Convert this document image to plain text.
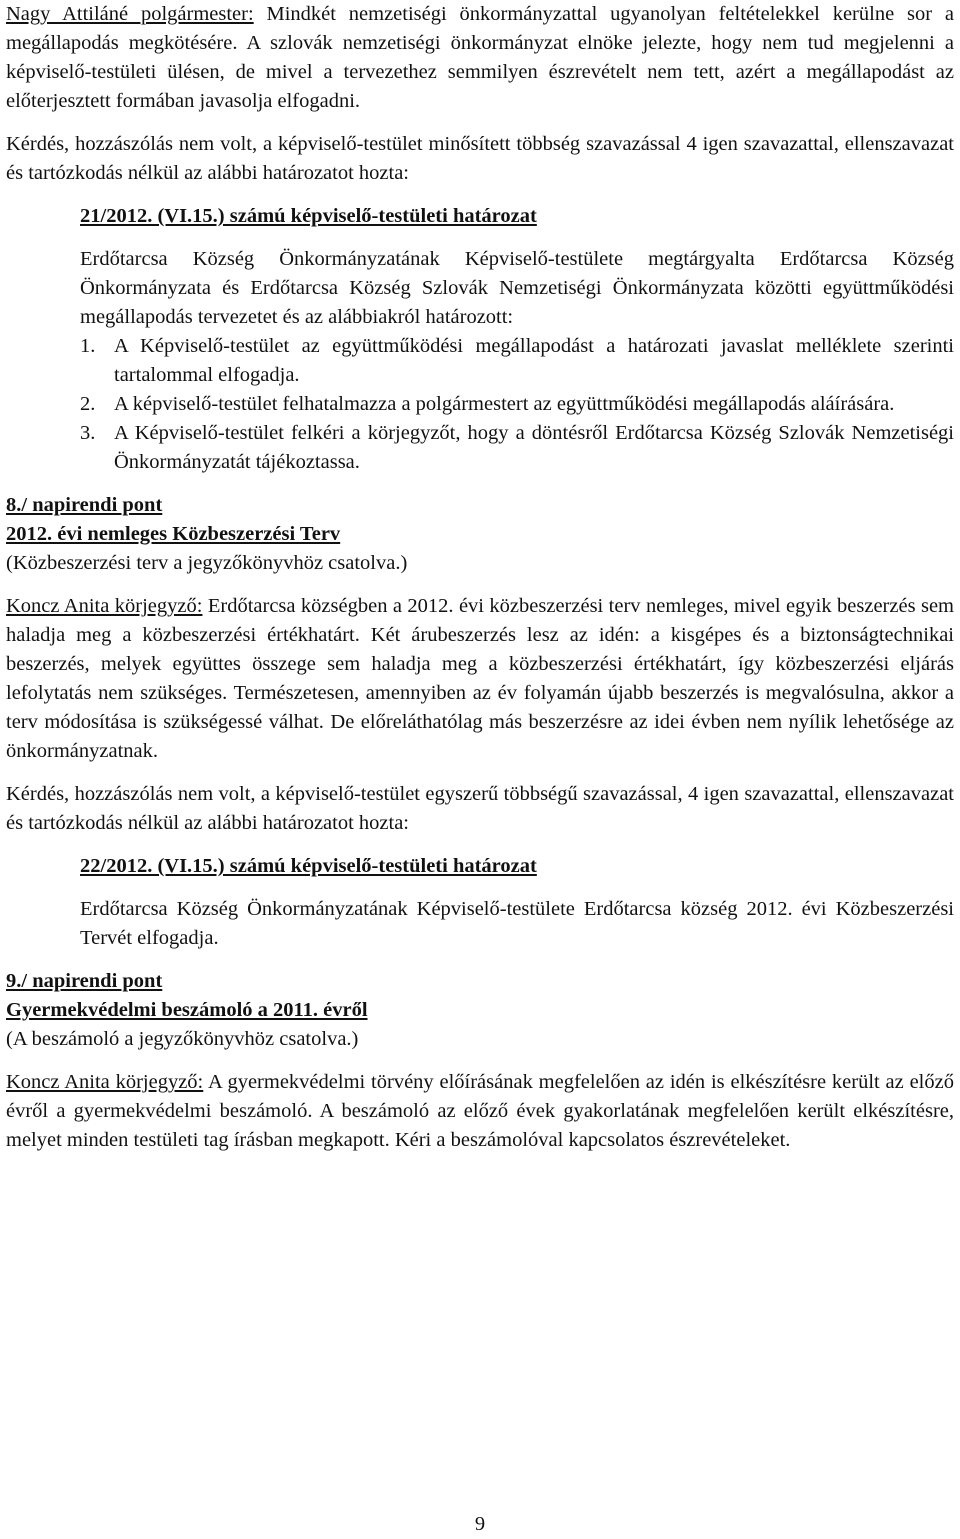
Nagy Attiláné polgármester: Mindkét nemzetiségi önkormányzattal ugyanolyan feltételekkel kerülne sor a megállapodás megkötésére. A szlovák nemzetiségi önkormányzat elnöke jelezte, hogy nem tud megjelenni a képviselő-testületi ülésen, de mivel a tervezethez semmilyen észrevételt nem tett, azért a megállapodást az előterjesztett formában javasolja elfogadni.

Kérdés, hozzászólás nem volt, a képviselő-testület minősített többség szavazással 4 igen szavazattal, ellenszavazat és tartózkodás nélkül az alábbi határozatot hozta:

21/2012. (VI.15.) számú képviselő-testületi határozat

Erdőtarcsa Község Önkormányzatának Képviselő-testülete megtárgyalta Erdőtarcsa Község Önkormányzata és Erdőtarcsa Község Szlovák Nemzetiségi Önkormányzata közötti együttműködési megállapodás tervezetet és az alábbiakról határozott:

1. A Képviselő-testület az együttműködési megállapodást a határozati javaslat melléklete szerinti tartalommal elfogadja.
2. A képviselő-testület felhatalmazza a polgármestert az együttműködési megállapodás aláírására.
3. A Képviselő-testület felkéri a körjegyzőt, hogy a döntésről Erdőtarcsa Község Szlovák Nemzetiségi Önkormányzatát tájékoztassa.

8./ napirendi pont

2012. évi nemleges Közbeszerzési Terv

(Közbeszerzési terv a jegyzőkönyvhöz csatolva.)

Koncz Anita körjegyző: Erdőtarcsa községben a 2012. évi közbeszerzési terv nemleges, mivel egyik beszerzés sem haladja meg a közbeszerzési értékhatárt. Két árubeszerzés lesz az idén: a kisgépes és a biztonságtechnikai beszerzés, melyek együttes összege sem haladja meg a közbeszerzési értékhatárt, így közbeszerzési eljárás lefolytatás nem szükséges. Természetesen, amennyiben az év folyamán újabb beszerzés is megvalósulna, akkor a terv módosítása is szükségessé válhat. De előreláthatólag más beszerzésre az idei évben nem nyílik lehetősége az önkormányzatnak.

Kérdés, hozzászólás nem volt, a képviselő-testület egyszerű többségű szavazással, 4 igen szavazattal, ellenszavazat és tartózkodás nélkül az alábbi határozatot hozta:

22/2012. (VI.15.) számú képviselő-testületi határozat

Erdőtarcsa Község Önkormányzatának Képviselő-testülete Erdőtarcsa község 2012. évi Közbeszerzési Tervét elfogadja.

9./ napirendi pont

Gyermekvédelmi beszámoló a 2011. évről

(A beszámoló a jegyzőkönyvhöz csatolva.)

Koncz Anita körjegyző: A gyermekvédelmi törvény előírásának megfelelően az idén is elkészítésre került az előző évről a gyermekvédelmi beszámoló. A beszámoló az előző évek gyakorlatának megfelelően került elkészítésre, melyet minden testületi tag írásban megkapott. Kéri a beszámolóval kapcsolatos észrevételeket.

9
